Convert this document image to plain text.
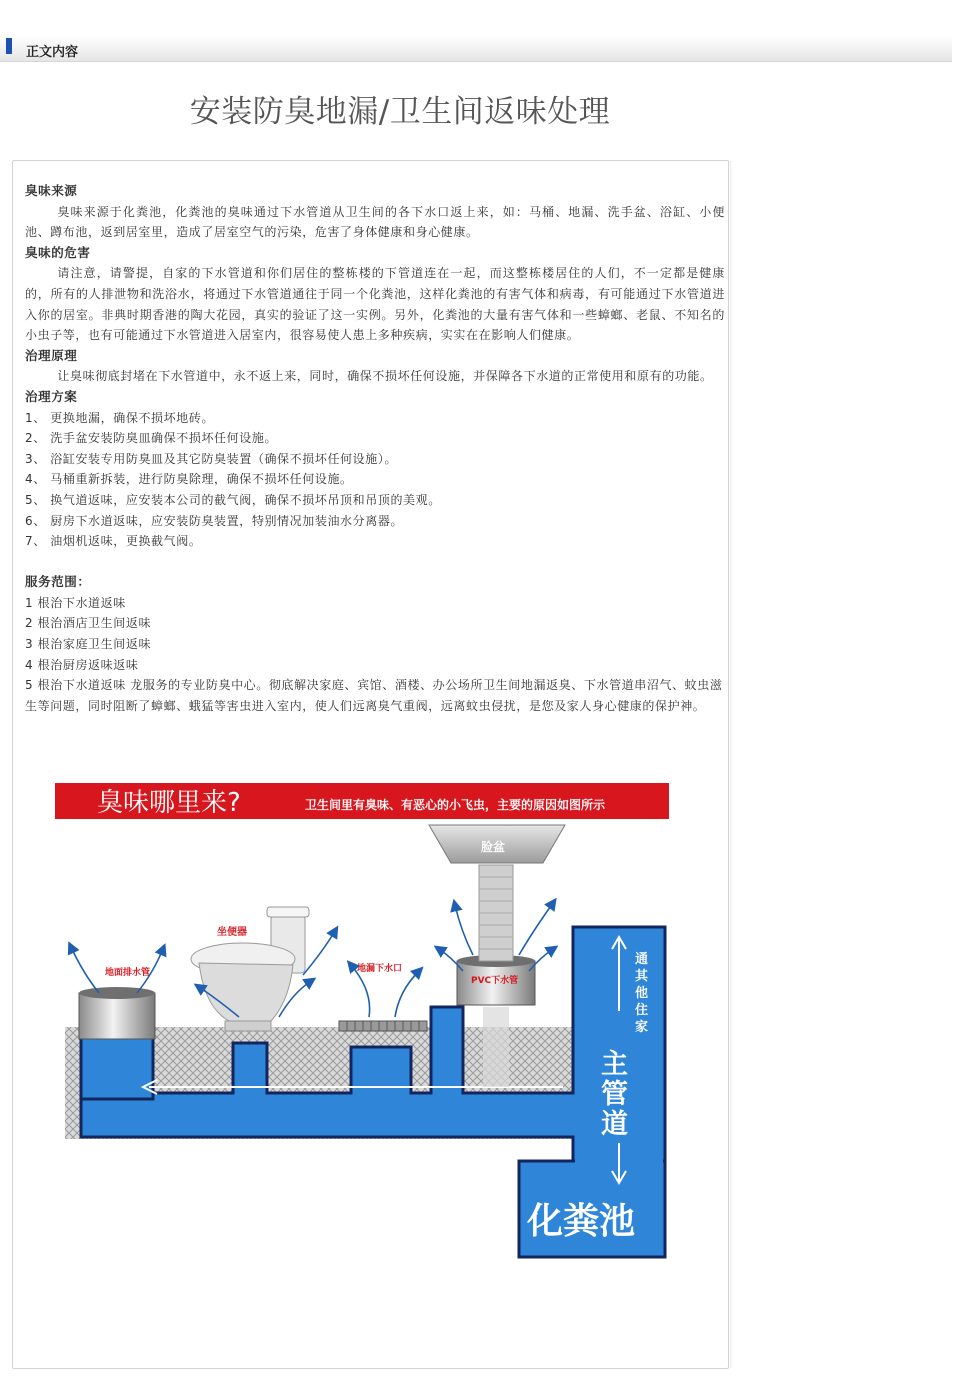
正文内容
安装防臭地漏/卫生间返味处理
臭味来源
臭味来源于化粪池，化粪池的臭味通过下水管道从卫生间的各下水口返上来，如：马桶、地漏、洗手盆、浴缸、小便池、蹲布池，返到居室里，造成了居室空气的污染，危害了身体健康和身心健康。
臭味的危害
请注意，请警提，自家的下水管道和你们居住的整栋楼的下管道连在一起，而这整栋楼居住的人们，不一定都是健康的，所有的人排泄物和洗浴水，将通过下水管道通往于同一个化粪池，这样化粪池的有害气体和病毒，有可能通过下水管道进入你的居室。非典时期香港的陶大花园，真实的验证了这一实例。另外，化粪池的大量有害气体和一些蟑螂、老鼠、不知名的小虫子等，也有可能通过下水管道进入居室内，很容易使人患上多种疾病，实实在在影响人们健康。
治理原理
让臭味彻底封堵在下水管道中，永不返上来，同时，确保不损坏任何设施，并保障各下水道的正常使用和原有的功能。
治理方案
1、 更换地漏，确保不损坏地砖。
2、 洗手盆安装防臭皿确保不损坏任何设施。
3、 浴缸安装专用防臭皿及其它防臭装置（确保不损坏任何设施）。
4、 马桶重新拆装，进行防臭除理，确保不损坏任何设施。
5、 换气道返味，应安装本公司的截气阀，确保不损坏吊顶和吊顶的美观。
6、 厨房下水道返味，应安装防臭装置，特别情况加装油水分离器。
7、 油烟机返味，更换截气阀。
服务范围：
1 根治下水道返味
2 根治酒店卫生间返味
3 根治家庭卫生间返味
4 根治厨房返味返味
5 根治下水道返味 龙服务的专业防臭中心。彻底解决家庭、宾馆、酒楼、办公场所卫生间地漏返臭、下水管道串沼气、蚊虫滋生等问题，同时阻断了蟑螂、蛾猛等害虫进入室内，使人们远离臭气重阀，远离蚊虫侵扰，是您及家人身心健康的保护神。
臭味哪里来?	卫生间里有臭味、有恶心的小飞虫，主要的原因如图所示
脸盆
坐便器
地面排水管	地漏下水口
PVC下水管
通
其
他
住
家
主
管
道
化粪池
